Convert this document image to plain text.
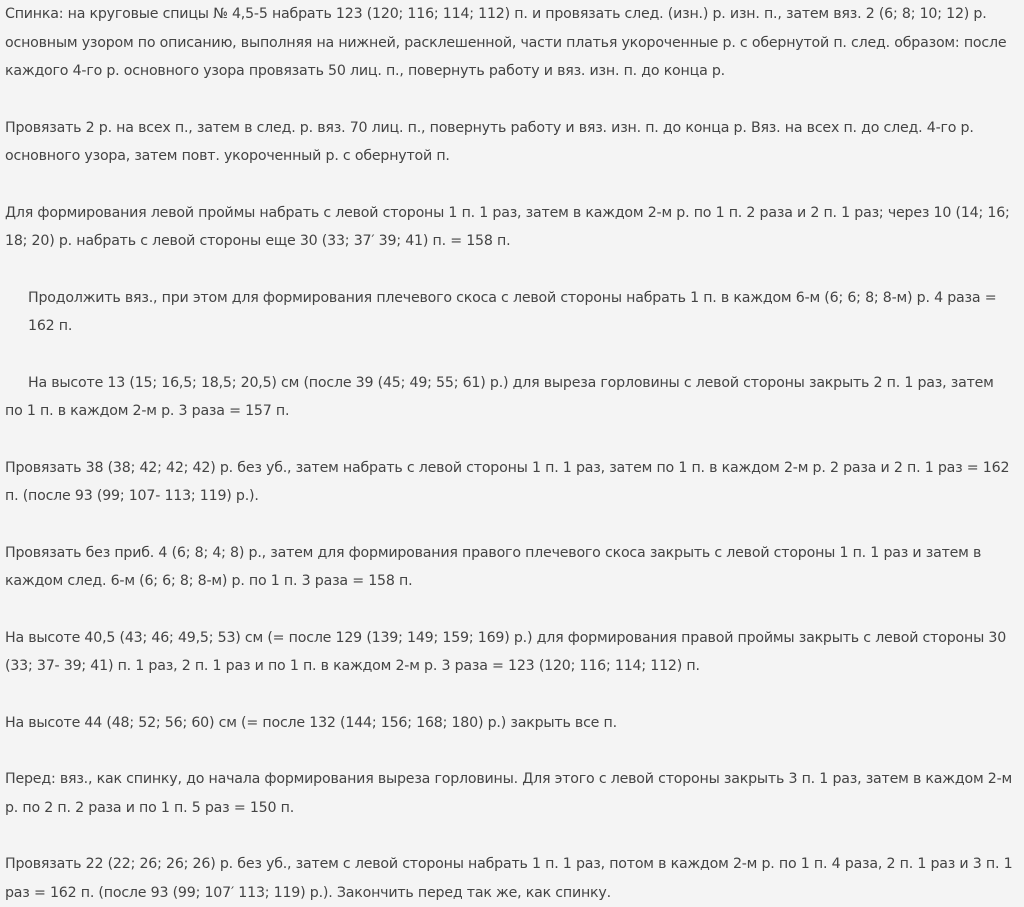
Спинка: на круговые спицы № 4,5-5 набрать 123 (120; 116; 114; 112) п. и провязать след. (изн.) р. изн. п., затем вяз. 2 (6; 8; 10; 12) р. основным узором по описанию, выполняя на нижней, расклешенной, части платья укороченные р. с обернутой п. след. образом: после каждого 4-го р. основного узора провязать 50 лиц. п., повернуть работу и вяз. изн. п. до конца р.

Провязать 2 р. на всех п., затем в след. р. вяз. 70 лиц. п., повернуть работу и вяз. изн. п. до конца р. Вяз. на всех п. до след. 4-го р. основного узора, затем повт. укороченный р. с обернутой п.

Для формирования левой проймы набрать с левой стороны 1 п. 1 раз, затем в каждом 2-м р. по 1 п. 2 раза и 2 п. 1 раз; через 10 (14; 16; 18; 20) р. набрать с левой стороны еще 30 (33; 37′ 39; 41) п. = 158 п.

Продолжить вяз., при этом для формирования плечевого скоса с левой стороны набрать 1 п. в каждом 6-м (6; 6; 8; 8-м) р. 4 раза = 162 п.

На высоте 13 (15; 16,5; 18,5; 20,5) см (после 39 (45; 49; 55; 61) р.) для выреза горловины с левой стороны закрыть 2 п. 1 раз, затем по 1 п. в каждом 2-м р. 3 раза = 157 п.

Провязать 38 (38; 42; 42; 42) р. без уб., затем набрать с левой стороны 1 п. 1 раз, затем по 1 п. в каждом 2-м р. 2 раза и 2 п. 1 раз = 162 п. (после 93 (99; 107- 113; 119) р.).

Провязать без приб. 4 (6; 8; 4; 8) р., затем для формирования правого плечевого скоса закрыть с левой стороны 1 п. 1 раз и затем в каждом след. 6-м (6; 6; 8; 8-м) р. по 1 п. 3 раза = 158 п.

На высоте 40,5 (43; 46; 49,5; 53) см (= после 129 (139; 149; 159; 169) р.) для формирования правой проймы закрыть с левой стороны 30 (33; 37- 39; 41) п. 1 раз, 2 п. 1 раз и по 1 п. в каждом 2-м р. 3 раза = 123 (120; 116; 114; 112) п.

На высоте 44 (48; 52; 56; 60) см (= после 132 (144; 156; 168; 180) р.) закрыть все п.

Перед: вяз., как спинку, до начала формирования выреза горловины. Для этого с левой стороны закрыть 3 п. 1 раз, затем в каждом 2-м р. по 2 п. 2 раза и по 1 п. 5 раз = 150 п.

Провязать 22 (22; 26; 26; 26) р. без уб., затем с левой стороны набрать 1 п. 1 раз, потом в каждом 2-м р. по 1 п. 4 раза, 2 п. 1 раз и 3 п. 1 раз = 162 п. (после 93 (99; 107′ 113; 119) р.). Закончить перед так же, как спинку.
